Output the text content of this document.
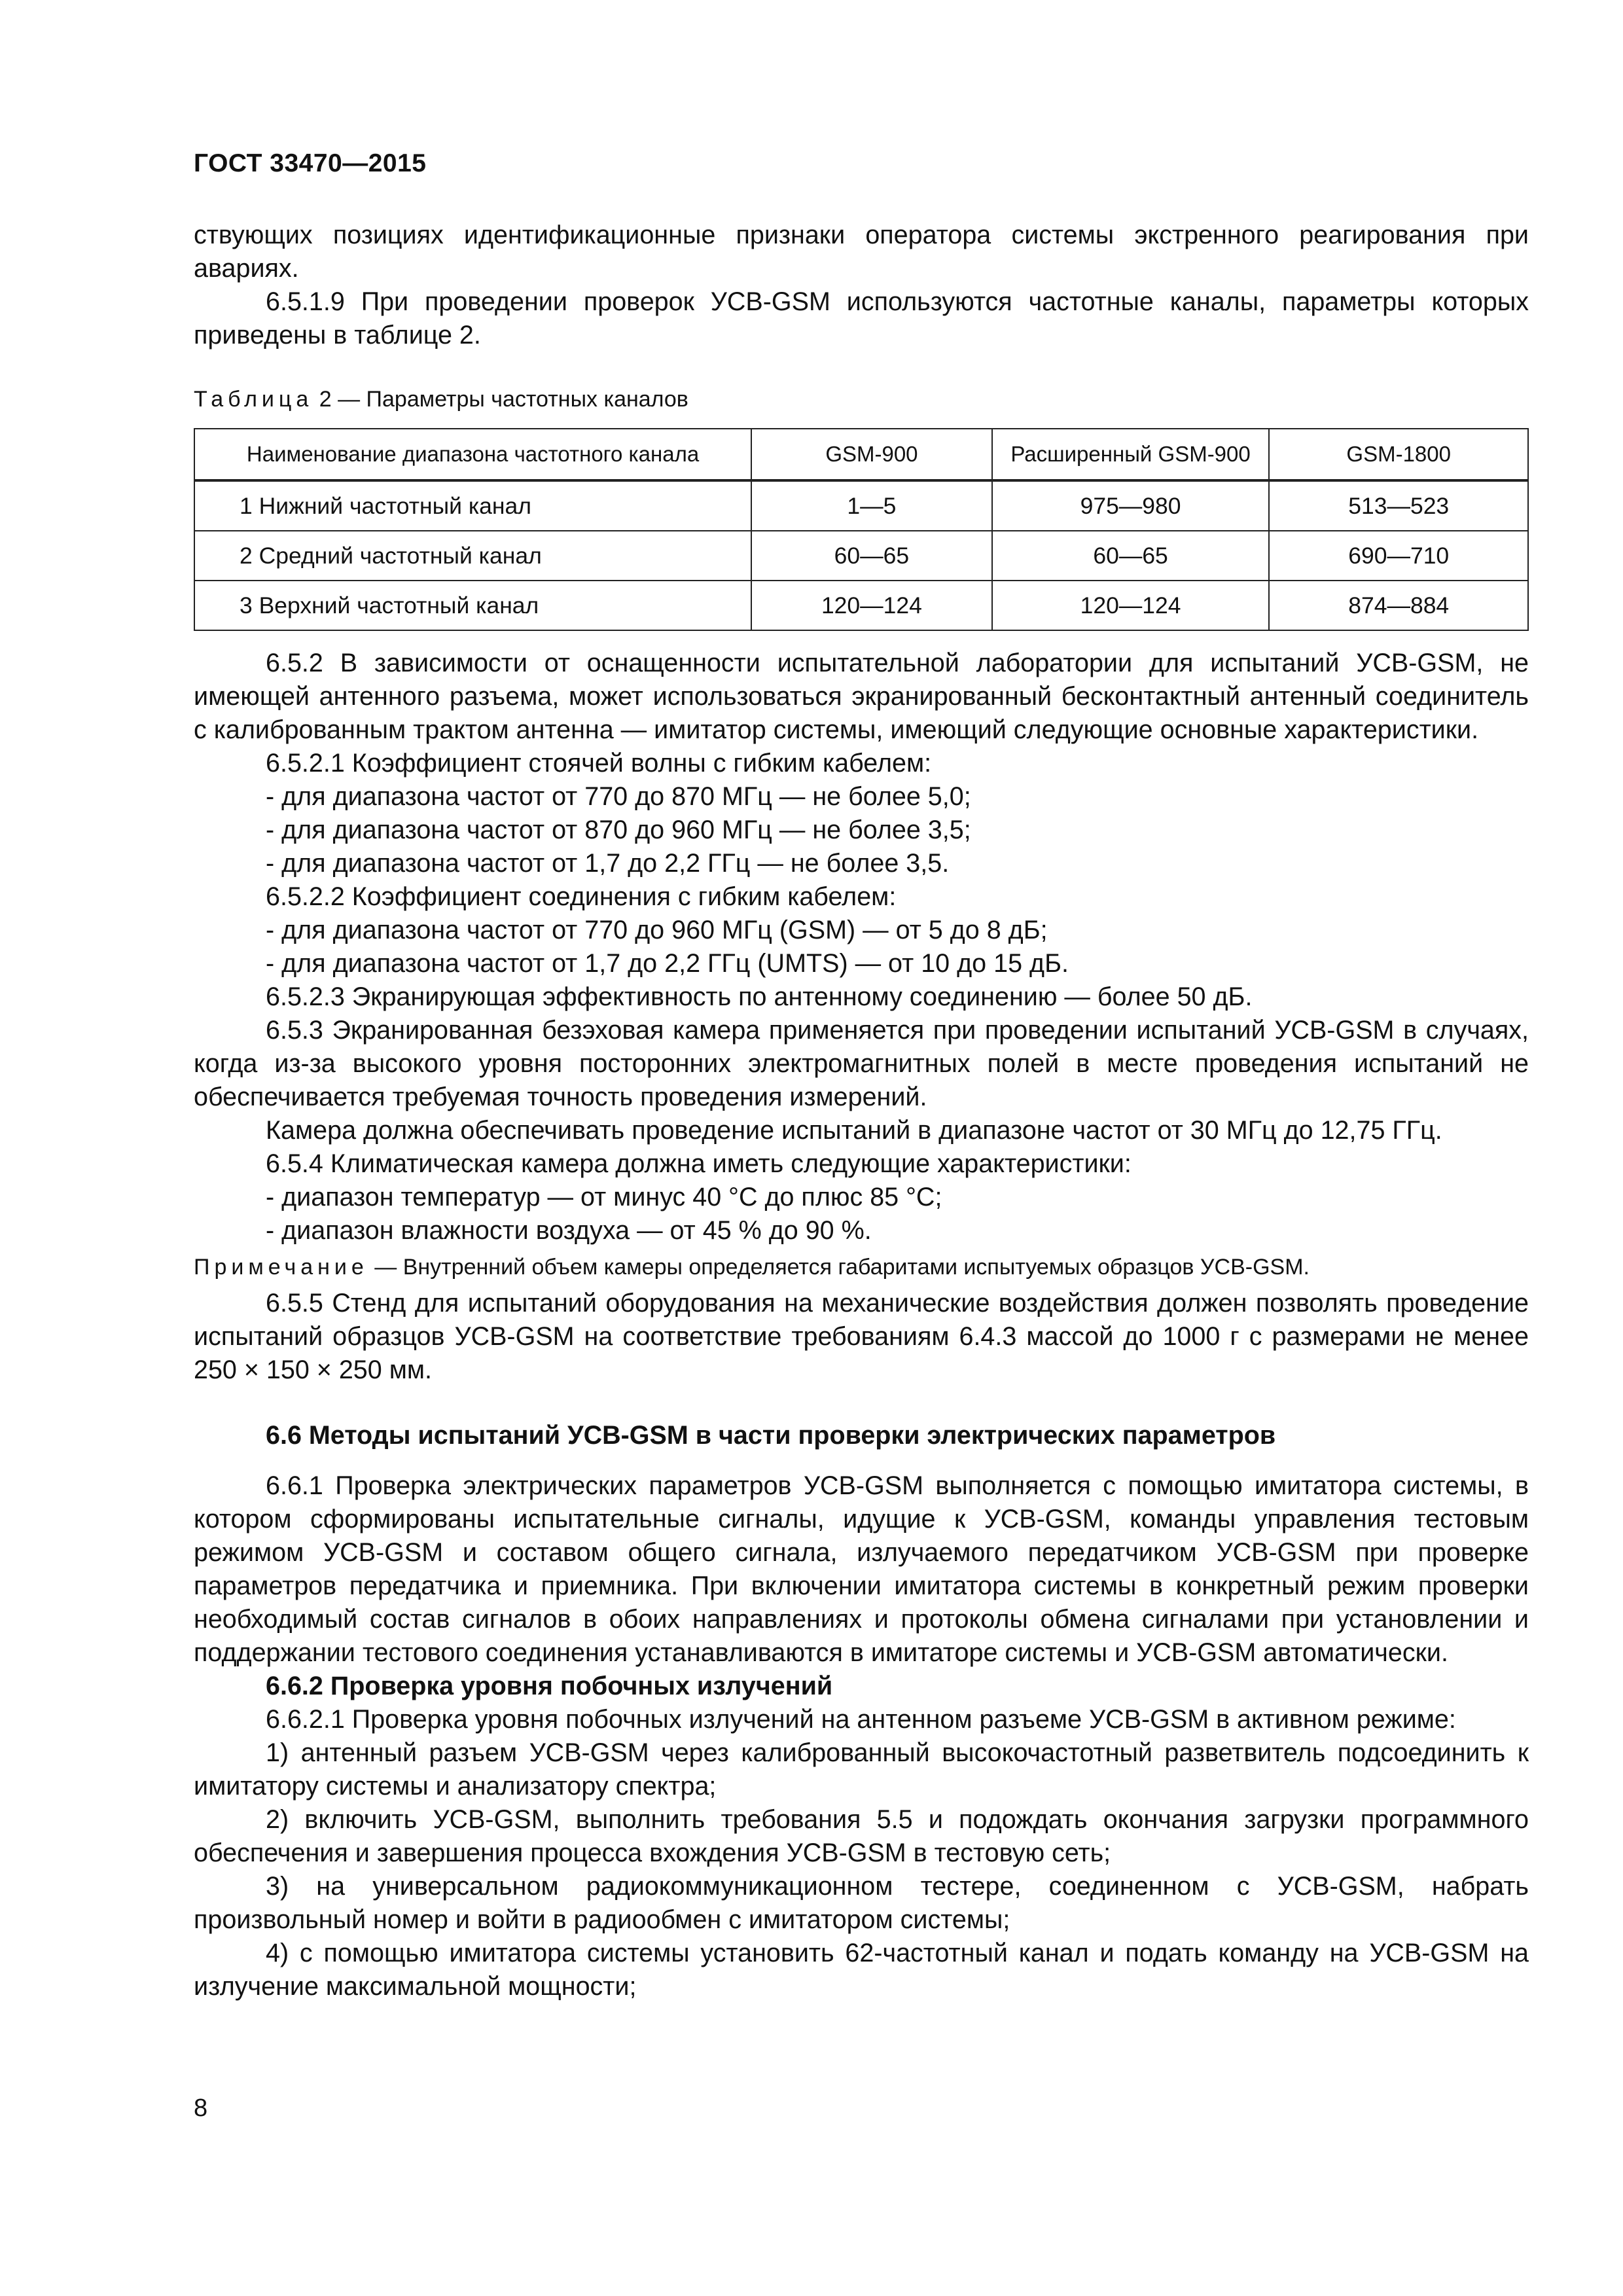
ГОСТ 33470—2015

ствующих позициях идентификационные признаки оператора системы экстренного реагирования при авариях.

6.5.1.9 При проведении проверок УСВ-GSM используются частотные каналы, параметры которых приведены в таблице 2.

Таблица 2 — Параметры частотных каналов
Наименование диапазона частотного канала	GSM-900	Расширенный GSM-900	GSM-1800
1 Нижний частотный канал	1—5	975—980	513—523
2 Средний частотный канал	60—65	60—65	690—710
3 Верхний частотный канал	120—124	120—124	874—884

6.5.2 В зависимости от оснащенности испытательной лаборатории для испытаний УСВ-GSM, не имеющей антенного разъема, может использоваться экранированный бесконтактный антенный соединитель с калиброванным трактом антенна — имитатор системы, имеющий следующие основные характеристики.

6.5.2.1 Коэффициент стоячей волны с гибким кабелем:

- для диапазона частот от 770 до 870 МГц — не более 5,0;

- для диапазона частот от 870 до 960 МГц — не более 3,5;

- для диапазона частот от 1,7 до 2,2 ГГц — не более 3,5.

6.5.2.2 Коэффициент соединения с гибким кабелем:

- для диапазона частот от 770 до 960 МГц (GSM) — от 5 до 8 дБ;

- для диапазона частот от 1,7 до 2,2 ГГц (UMTS) — от 10 до 15 дБ.

6.5.2.3 Экранирующая эффективность по антенному соединению — более 50 дБ.

6.5.3 Экранированная безэховая камера применяется при проведении испытаний УСВ-GSM в случаях, когда из-за высокого уровня посторонних электромагнитных полей в месте проведения испытаний не обеспечивается требуемая точность проведения измерений.

Камера должна обеспечивать проведение испытаний в диапазоне частот от 30 МГц до 12,75 ГГц.

6.5.4 Климатическая камера должна иметь следующие характеристики:

- диапазон температур — от минус 40 °С до плюс 85 °С;

- диапазон влажности воздуха — от 45 % до 90 %.

Примечание — Внутренний объем камеры определяется габаритами испытуемых образцов УСВ-GSM.

6.5.5 Стенд для испытаний оборудования на механические воздействия должен позволять проведение испытаний образцов УСВ-GSM на соответствие требованиям 6.4.3 массой до 1000 г с размерами не менее 250 × 150 × 250 мм.

6.6 Методы испытаний УСВ-GSM в части проверки электрических параметров

6.6.1 Проверка электрических параметров УСВ-GSM выполняется с помощью имитатора системы, в котором сформированы испытательные сигналы, идущие к УСВ-GSM, команды управления тестовым режимом УСВ-GSM и составом общего сигнала, излучаемого передатчиком УСВ-GSM при проверке параметров передатчика и приемника. При включении имитатора системы в конкретный режим проверки необходимый состав сигналов в обоих направлениях и протоколы обмена сигналами при установлении и поддержании тестового соединения устанавливаются в имитаторе системы и УСВ-GSM автоматически.

6.6.2 Проверка уровня побочных излучений

6.6.2.1 Проверка уровня побочных излучений на антенном разъеме УСВ-GSM в активном режиме:

1) антенный разъем УСВ-GSM через калиброванный высокочастотный разветвитель подсоединить к имитатору системы и анализатору спектра;

2) включить УСВ-GSM, выполнить требования 5.5 и подождать окончания загрузки программного обеспечения и завершения процесса вхождения УСВ-GSM в тестовую сеть;

3) на универсальном радиокоммуникационном тестере, соединенном с УСВ-GSM, набрать произвольный номер и войти в радиообмен с имитатором системы;

4) с помощью имитатора системы установить 62-частотный канал и подать команду на УСВ-GSM на излучение максимальной мощности;

8
